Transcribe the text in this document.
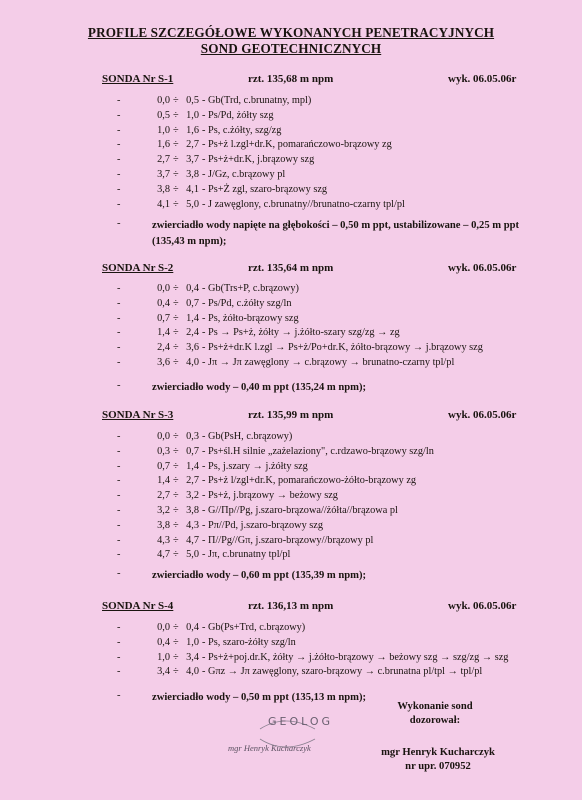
PROFILE SZCZEGÓŁOWE WYKONANYCH PENETRACYJNYCH
SOND GEOTECHNICZNYCH
SONDA Nr S-1	rzt. 135,68 m npm	wyk. 06.05.06r
-	0,0 ÷ 0,5 - Gb(Trd, c.brunatny, mpl)
-	0,5 ÷ 1,0 - Ps/Pd, żółty szg
-	1,0 ÷ 1,6 - Ps, c.żółty, szg/zg
-	1,6 ÷ 2,7 - Ps+ż l.zgl+dr.K, pomarańczowo-brązowy zg
-	2,7 ÷ 3,7 - Ps+ż+dr.K, j.brązowy szg
-	3,7 ÷ 3,8 - J/Gz, c.brązowy pl
-	3,8 ÷ 4,1 - Ps+Ż zgl, szaro-brązowy szg
-	4,1 ÷ 5,0 - J zawęglony, c.brunatny//brunatno-czarny tpl/pl
-	zwierciadło wody napięte na głębokości – 0,50 m ppt, ustabilizowane – 0,25 m ppt (135,43 m npm);
SONDA Nr S-2	rzt. 135,64 m npm	wyk. 06.05.06r
-	0,0 ÷ 0,4 - Gb(Trs+P, c.brązowy)
-	0,4 ÷ 0,7 - Ps/Pd, c.żółty szg/ln
-	0,7 ÷ 1,4 - Ps, żółto-brązowy szg
-	1,4 ÷ 2,4 - Ps → Ps+ż, żółty → j.żółto-szary szg/zg → zg
-	2,4 ÷ 3,6 - Ps+ż+dr.K l.zgl → Ps+ż/Po+dr.K, żółto-brązowy → j.brązowy szg
-	3,6 ÷ 4,0 - Jπ → Jπ zawęglony → c.brązowy → brunatno-czarny tpl/pl
-	zwierciadło wody – 0,40 m ppt (135,24 m npm);
SONDA Nr S-3	rzt. 135,99 m npm	wyk. 06.05.06r
-	0,0 ÷ 0,3 - Gb(PsH, c.brązowy)
-	0,3 ÷ 0,7 - Ps+śl.H silnie „zażelaziony", c.rdzawo-brązowy szg/ln
-	0,7 ÷ 1,4 - Ps, j.szary → j.żółty szg
-	1,4 ÷ 2,7 - Ps+ż l/zgl+dr.K, pomarańczowo-żółto-brązowy zg
-	2,7 ÷ 3,2 - Ps+ż, j.brązowy → beżowy szg
-	3,2 ÷ 3,8 - G//Πp//Pg, j.szaro-brązowa//żółta//brązowa pl
-	3,8 ÷ 4,3 - Pπ//Pd, j.szaro-brązowy szg
-	4,3 ÷ 4,7 - Π//Pg//Gπ, j.szaro-brązowy//brązowy pl
-	4,7 ÷ 5,0 - Jπ, c.brunatny tpl/pl
-	zwierciadło wody – 0,60 m ppt (135,39 m npm);
SONDA Nr S-4	rzt. 136,13 m npm	wyk. 06.05.06r
-	0,0 ÷ 0,4 - Gb(Ps+Trd, c.brązowy)
-	0,4 ÷ 1,0 - Ps, szaro-żółty szg/ln
-	1,0 ÷ 3,4 - Ps+ż+poj.dr.K, żółty → j.żółto-brązowy → beżowy szg → szg/zg → szg
-	3,4 ÷ 4,0 - Gπz → Jπ zawęglony, szaro-brązowy → c.brunatna pl/tpl → tpl/pl
-	zwierciadło wody – 0,50 m ppt (135,13 m npm);
GEOLOG
mgr Henryk Kucharczyk
Wykonanie sond
dozorował:
mgr Henryk Kucharczyk
nr upr. 070952
